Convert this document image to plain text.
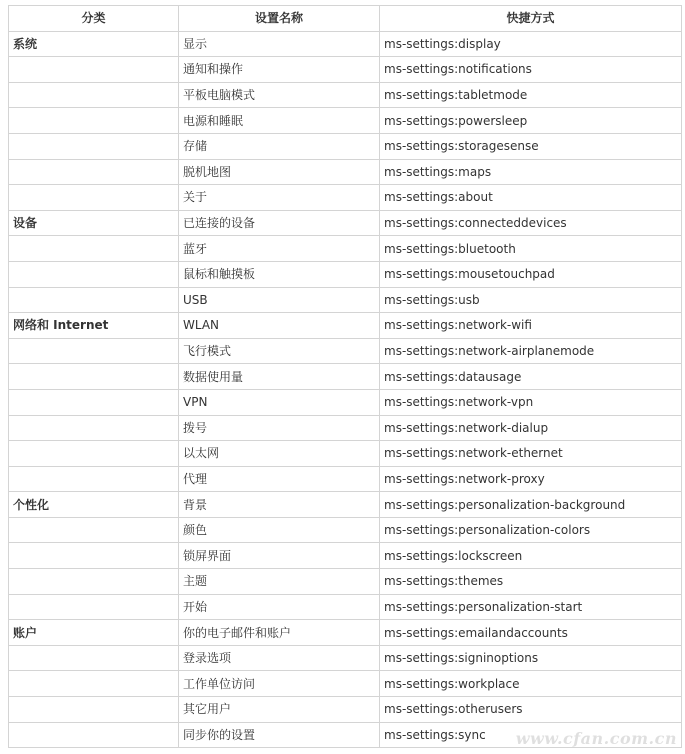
分类	设置名称	快捷方式
系统	显示	ms-settings:display
	通知和操作	ms-settings:notifications
	平板电脑模式	ms-settings:tabletmode
	电源和睡眠	ms-settings:powersleep
	存储	ms-settings:storagesense
	脱机地图	ms-settings:maps
	关于	ms-settings:about
设备	已连接的设备	ms-settings:connecteddevices
	蓝牙	ms-settings:bluetooth
	鼠标和触摸板	ms-settings:mousetouchpad
	USB	ms-settings:usb
网络和 Internet	WLAN	ms-settings:network-wifi
	飞行模式	ms-settings:network-airplanemode
	数据使用量	ms-settings:datausage
	VPN	ms-settings:network-vpn
	拨号	ms-settings:network-dialup
	以太网	ms-settings:network-ethernet
	代理	ms-settings:network-proxy
个性化	背景	ms-settings:personalization-background
	颜色	ms-settings:personalization-colors
	锁屏界面	ms-settings:lockscreen
	主题	ms-settings:themes
	开始	ms-settings:personalization-start
账户	你的电子邮件和账户	ms-settings:emailandaccounts
	登录选项	ms-settings:signinoptions
	工作单位访问	ms-settings:workplace
	其它用户	ms-settings:otherusers
	同步你的设置	ms-settings:sync www.cfan.com.cn
